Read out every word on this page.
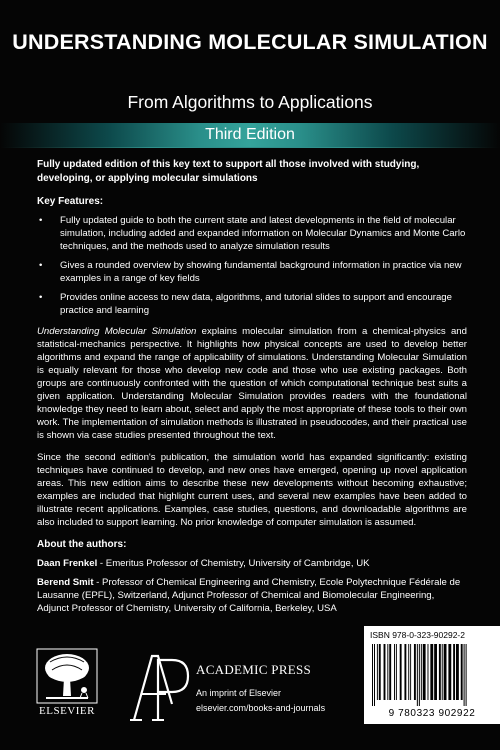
UNDERSTANDING MOLECULAR SIMULATION
From Algorithms to Applications
Third Edition

Fully updated edition of this key text to support all those involved with studying, developing, or applying molecular simulations

Key Features:
• Fully updated guide to both the current state and latest developments in the field of molecular simulation, including added and expanded information on Molecular Dynamics and Monte Carlo techniques, and the methods used to analyze simulation results
• Gives a rounded overview by showing fundamental background information in practice via new examples in a range of key fields
• Provides online access to new data, algorithms, and tutorial slides to support and encourage practice and learning

Understanding Molecular Simulation explains molecular simulation from a chemical-physics and statistical-mechanics perspective. It highlights how physical concepts are used to develop better algorithms and expand the range of applicability of simulations. Understanding Molecular Simulation is equally relevant for those who develop new code and those who use existing packages. Both groups are continuously confronted with the question of which computational technique best suits a given application. Understanding Molecular Simulation provides readers with the foundational knowledge they need to learn about, select and apply the most appropriate of these tools to their own work. The implementation of simulation methods is illustrated in pseudocodes, and their practical use is shown via case studies presented throughout the text.

Since the second edition's publication, the simulation world has expanded significantly: existing techniques have continued to develop, and new ones have emerged, opening up novel application areas. This new edition aims to describe these new developments without becoming exhaustive; examples are included that highlight current uses, and several new examples have been added to illustrate recent applications. Examples, case studies, questions, and downloadable algorithms are also included to support learning. No prior knowledge of computer simulation is assumed.

About the authors:

Daan Frenkel - Emeritus Professor of Chemistry, University of Cambridge, UK

Berend Smit - Professor of Chemical Engineering and Chemistry, Ecole Polytechnique Fédérale de Lausanne (EPFL), Switzerland, Adjunct Professor of Chemical and Biomolecular Engineering, Adjunct Professor of Chemistry, University of California, Berkeley, USA

ELSEVIER
ACADEMIC PRESS
An imprint of Elsevier
elsevier.com/books-and-journals
ISBN 978-0-323-90292-2
9 780323 902922
